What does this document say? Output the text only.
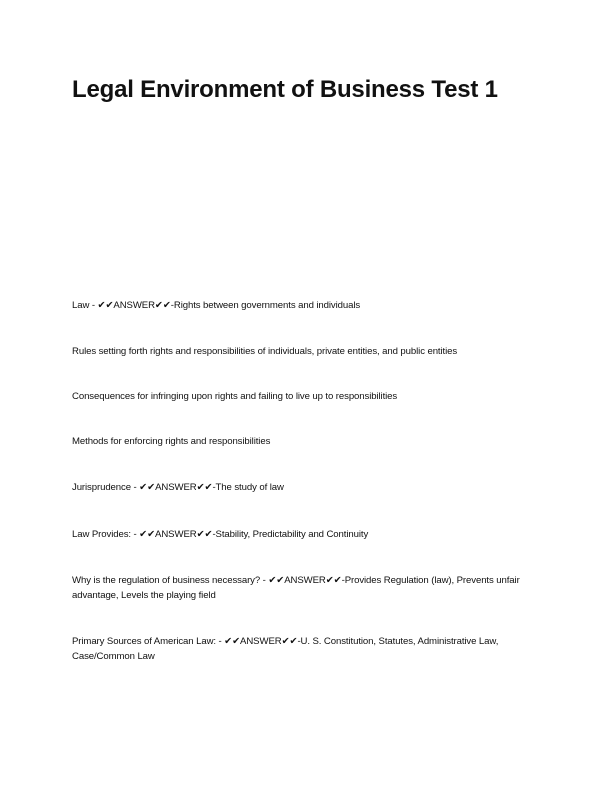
Legal Environment of Business Test 1

Law - ✔✔ANSWER✔✔-Rights between governments and individuals

Rules setting forth rights and responsibilities of individuals, private entities, and public entities

Consequences for infringing upon rights and failing to live up to responsibilities

Methods for enforcing rights and responsibilities

Jurisprudence - ✔✔ANSWER✔✔-The study of law

Law Provides: - ✔✔ANSWER✔✔-Stability, Predictability and Continuity

Why is the regulation of business necessary? - ✔✔ANSWER✔✔-Provides Regulation (law), Prevents unfair advantage, Levels the playing field

Primary Sources of American Law: - ✔✔ANSWER✔✔-U. S. Constitution, Statutes, Administrative Law, Case/Common Law
